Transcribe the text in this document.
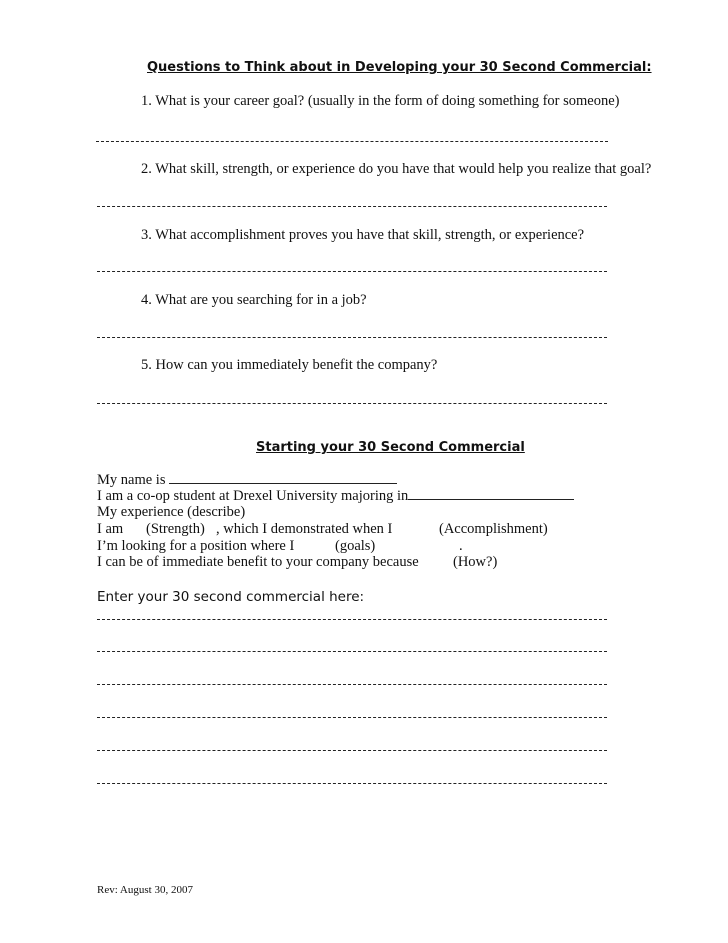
Questions to Think about in Developing your 30 Second Commercial:
1. What is your career goal? (usually in the form of doing something for someone)
2. What skill, strength, or experience do you have that would help you realize that goal?
3. What accomplishment proves you have that skill, strength, or experience?
4. What are you searching for in a job?
5. How can you immediately benefit the company?
Starting your 30 Second Commercial
My name is
I am a co-op student at Drexel University majoring in
My experience (describe)
I am (Strength) , which I demonstrated when I	(Accomplishment)
I’m looking for a position where I	(goals)	.
I can be of immediate benefit to your company because (How?)
Enter your 30 second commercial here:
Rev: August 30, 2007
